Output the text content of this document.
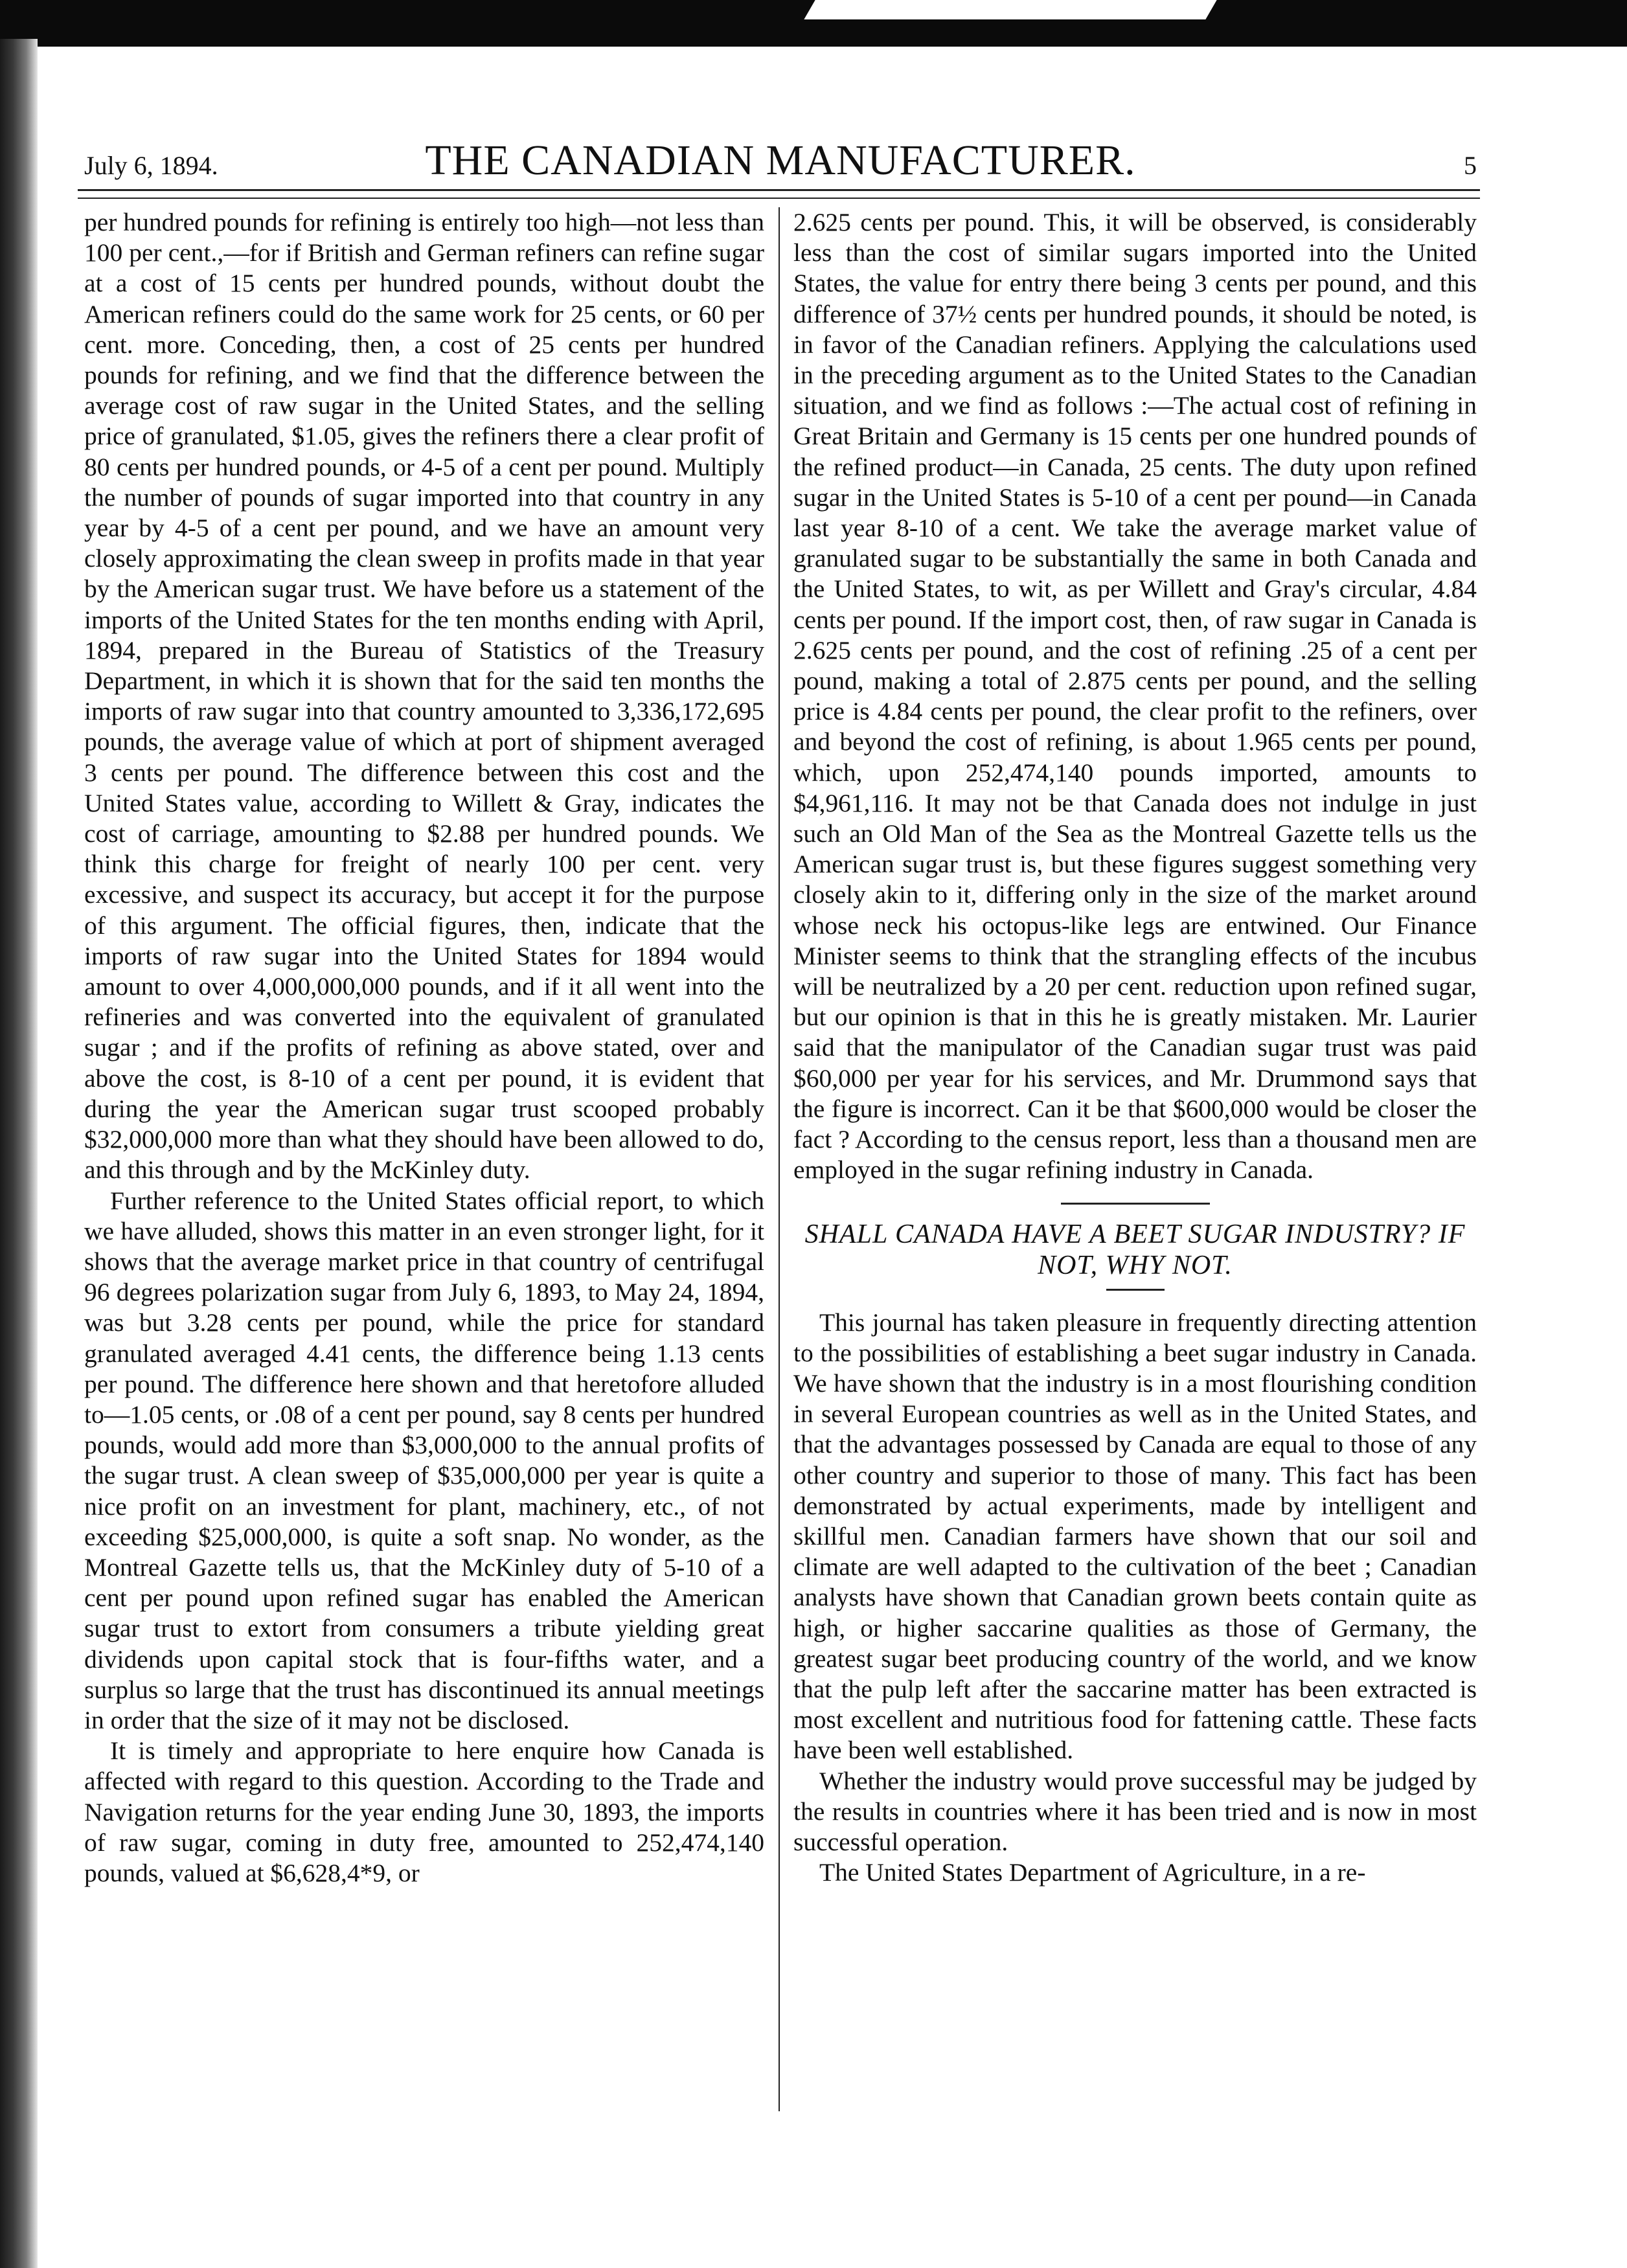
July 6, 1894.	THE CANADIAN MANUFACTURER.	5

per hundred pounds for refining is entirely too high—not less than 100 per cent.,—for if British and German refiners can refine sugar at a cost of 15 cents per hundred pounds, without doubt the American refiners could do the same work for 25 cents, or 60 per cent. more. Conceding, then, a cost of 25 cents per hundred pounds for refining, and we find that the difference between the average cost of raw sugar in the United States, and the selling price of granulated, $1.05, gives the refiners there a clear profit of 80 cents per hundred pounds, or 4-5 of a cent per pound. Multiply the number of pounds of sugar imported into that country in any year by 4-5 of a cent per pound, and we have an amount very closely approximating the clean sweep in profits made in that year by the American sugar trust. We have before us a statement of the imports of the United States for the ten months ending with April, 1894, prepared in the Bureau of Statistics of the Treasury Department, in which it is shown that for the said ten months the imports of raw sugar into that country amounted to 3,336,172,695 pounds, the average value of which at port of shipment averaged 3 cents per pound. The difference between this cost and the United States value, according to Willett & Gray, indicates the cost of carriage, amounting to $2.88 per hundred pounds. We think this charge for freight of nearly 100 per cent. very excessive, and suspect its accuracy, but accept it for the purpose of this argument. The official figures, then, indicate that the imports of raw sugar into the United States for 1894 would amount to over 4,000,000,000 pounds, and if it all went into the refineries and was converted into the equivalent of granulated sugar ; and if the profits of refining as above stated, over and above the cost, is 8-10 of a cent per pound, it is evident that during the year the American sugar trust scooped probably $32,000,000 more than what they should have been allowed to do, and this through and by the McKinley duty.

Further reference to the United States official report, to which we have alluded, shows this matter in an even stronger light, for it shows that the average market price in that country of centrifugal 96 degrees polarization sugar from July 6, 1893, to May 24, 1894, was but 3.28 cents per pound, while the price for standard granulated averaged 4.41 cents, the difference being 1.13 cents per pound. The difference here shown and that heretofore alluded to—1.05 cents, or .08 of a cent per pound, say 8 cents per hundred pounds, would add more than $3,000,000 to the annual profits of the sugar trust. A clean sweep of $35,000,000 per year is quite a nice profit on an investment for plant, machinery, etc., of not exceeding $25,000,000, is quite a soft snap. No wonder, as the Montreal Gazette tells us, that the McKinley duty of 5-10 of a cent per pound upon refined sugar has enabled the American sugar trust to extort from consumers a tribute yielding great dividends upon capital stock that is four-fifths water, and a surplus so large that the trust has discontinued its annual meetings in order that the size of it may not be disclosed.

It is timely and appropriate to here enquire how Canada is affected with regard to this question. According to the Trade and Navigation returns for the year ending June 30, 1893, the imports of raw sugar, coming in duty free, amounted to 252,474,140 pounds, valued at $6,628,4*9, or

2.625 cents per pound. This, it will be observed, is considerably less than the cost of similar sugars imported into the United States, the value for entry there being 3 cents per pound, and this difference of 37½ cents per hundred pounds, it should be noted, is in favor of the Canadian refiners. Applying the calculations used in the preceding argument as to the United States to the Canadian situation, and we find as follows :—The actual cost of refining in Great Britain and Germany is 15 cents per one hundred pounds of the refined product—in Canada, 25 cents. The duty upon refined sugar in the United States is 5-10 of a cent per pound—in Canada last year 8-10 of a cent. We take the average market value of granulated sugar to be substantially the same in both Canada and the United States, to wit, as per Willett and Gray's circular, 4.84 cents per pound. If the import cost, then, of raw sugar in Canada is 2.625 cents per pound, and the cost of refining .25 of a cent per pound, making a total of 2.875 cents per pound, and the selling price is 4.84 cents per pound, the clear profit to the refiners, over and beyond the cost of refining, is about 1.965 cents per pound, which, upon 252,474,140 pounds imported, amounts to $4,961,116. It may not be that Canada does not indulge in just such an Old Man of the Sea as the Montreal Gazette tells us the American sugar trust is, but these figures suggest something very closely akin to it, differing only in the size of the market around whose neck his octopus-like legs are entwined. Our Finance Minister seems to think that the strangling effects of the incubus will be neutralized by a 20 per cent. reduction upon refined sugar, but our opinion is that in this he is greatly mistaken. Mr. Laurier said that the manipulator of the Canadian sugar trust was paid $60,000 per year for his services, and Mr. Drummond says that the figure is incorrect. Can it be that $600,000 would be closer the fact ? According to the census report, less than a thousand men are employed in the sugar refining industry in Canada.

SHALL CANADA HAVE A BEET SUGAR INDUSTRY? IF NOT, WHY NOT.

This journal has taken pleasure in frequently directing attention to the possibilities of establishing a beet sugar industry in Canada. We have shown that the industry is in a most flourishing condition in several European countries as well as in the United States, and that the advantages possessed by Canada are equal to those of any other country and superior to those of many. This fact has been demonstrated by actual experiments, made by intelligent and skillful men. Canadian farmers have shown that our soil and climate are well adapted to the cultivation of the beet ; Canadian analysts have shown that Canadian grown beets contain quite as high, or higher saccarine qualities as those of Germany, the greatest sugar beet producing country of the world, and we know that the pulp left after the saccarine matter has been extracted is most excellent and nutritious food for fattening cattle. These facts have been well established.

Whether the industry would prove successful may be judged by the results in countries where it has been tried and is now in most successful operation.

The United States Department of Agriculture, in a re-
